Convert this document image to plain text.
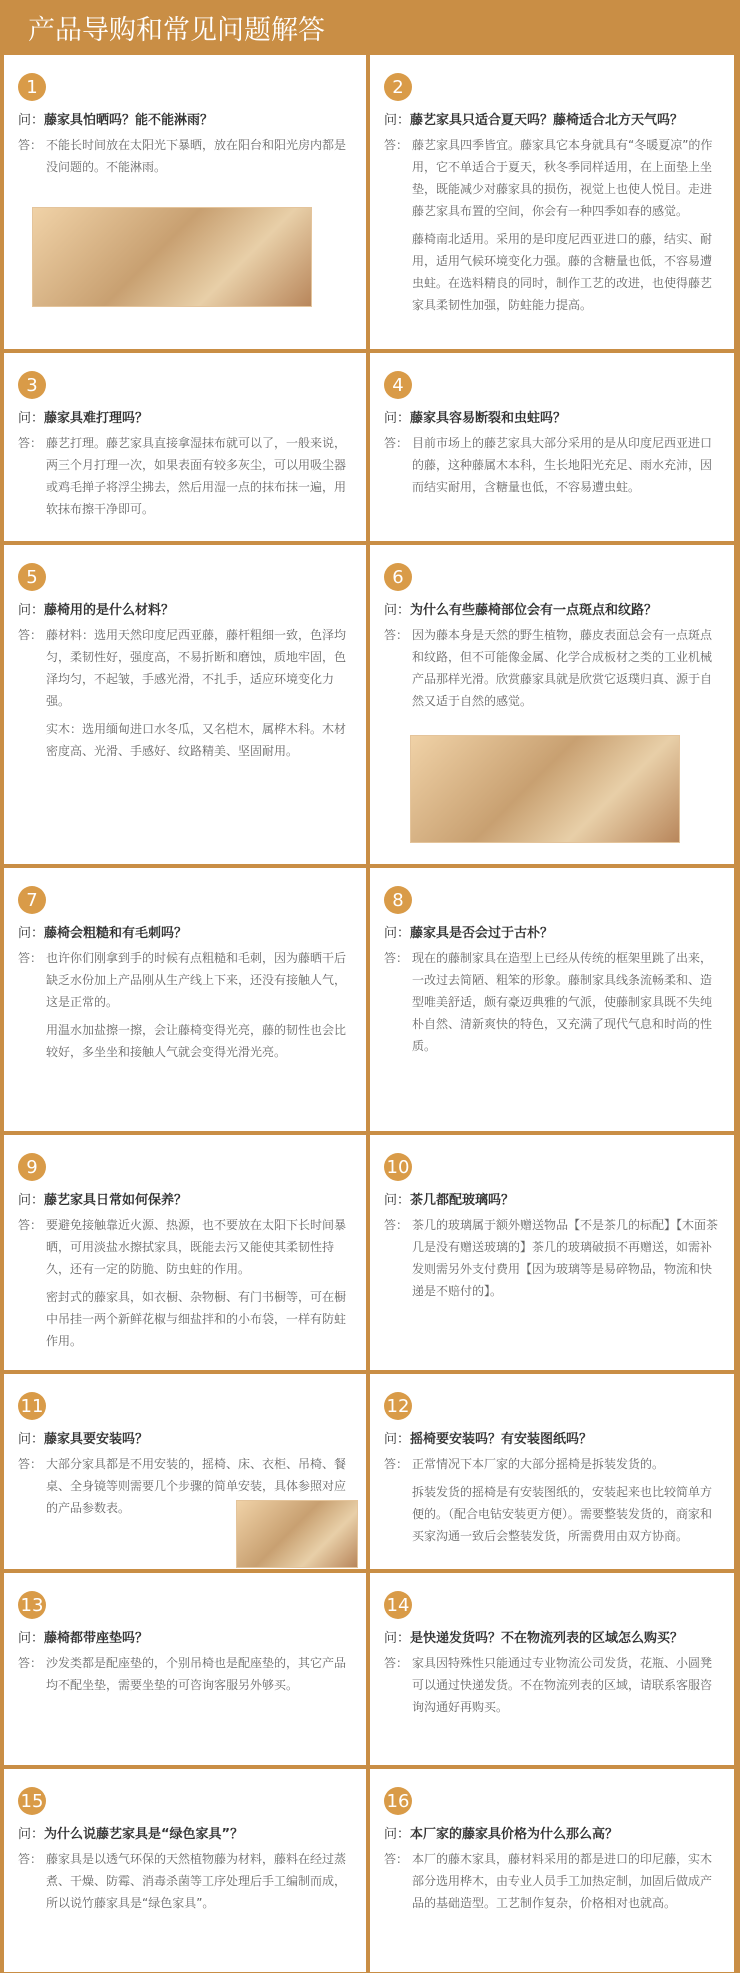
产品导购和常见问题解答
1
问：藤家具怕晒吗？能不能淋雨？
答： 不能长时间放在太阳光下暴晒，放在阳台和阳光房内都是没问题的。不能淋雨。
2
问：藤艺家具只适合夏天吗？藤椅适合北方天气吗？
答： 藤艺家具四季皆宜。藤家具它本身就具有“冬暖夏凉”的作用，它不单适合于夏天，秋冬季同样适用，在上面垫上坐垫，既能减少对藤家具的损伤，视觉上也使人悦目。走进藤艺家具布置的空间，你会有一种四季如春的感觉。
藤椅南北适用。采用的是印度尼西亚进口的藤，结实、耐用，适用气候环境变化力强。藤的含糖量也低，不容易遭虫蛀。在选料精良的同时，制作工艺的改进，也使得藤艺家具柔韧性加强，防蛀能力提高。
3
问：藤家具难打理吗？
答： 藤艺打理。藤艺家具直接拿湿抹布就可以了，一般来说，两三个月打理一次，如果表面有较多灰尘，可以用吸尘器或鸡毛掸子将浮尘拂去，然后用湿一点的抹布抹一遍，用软抹布擦干净即可。
4
问：藤家具容易断裂和虫蛀吗？
答： 目前市场上的藤艺家具大部分采用的是从印度尼西亚进口的藤，这种藤属木本科，生长地阳光充足、雨水充沛，因而结实耐用，含糖量也低，不容易遭虫蛀。
5
问：藤椅用的是什么材料？
答： 藤材料：选用天然印度尼西亚藤，藤杆粗细一致，色泽均匀，柔韧性好，强度高，不易折断和磨蚀，质地牢固，色泽均匀，不起皱，手感光滑，不扎手，适应环境变化力强。
实木：选用缅甸进口水冬瓜，又名桤木，属桦木科。木材密度高、光滑、手感好、纹路精美、坚固耐用。
6
问：为什么有些藤椅部位会有一点斑点和纹路？
答： 因为藤本身是天然的野生植物，藤皮表面总会有一点斑点和纹路，但不可能像金属、化学合成板材之类的工业机械产品那样光滑。欣赏藤家具就是欣赏它返璞归真、源于自然又适于自然的感觉。
7
问：藤椅会粗糙和有毛刺吗？
答： 也许你们刚拿到手的时候有点粗糙和毛刺，因为藤晒干后缺乏水份加上产品刚从生产线上下来，还没有接触人气，这是正常的。
用温水加盐擦一擦，会让藤椅变得光亮，藤的韧性也会比较好，多坐坐和接触人气就会变得光滑光亮。
8
问：藤家具是否会过于古朴？
答： 现在的藤制家具在造型上已经从传统的框架里跳了出来，一改过去简陋、粗笨的形象。藤制家具线条流畅柔和、造型唯美舒适，颇有豪迈典雅的气派，使藤制家具既不失纯朴自然、清新爽快的特色，又充满了现代气息和时尚的性质。
9
问：藤艺家具日常如何保养？
答： 要避免接触靠近火源、热源，也不要放在太阳下长时间暴晒，可用淡盐水擦拭家具，既能去污又能使其柔韧性持久，还有一定的防脆、防虫蛀的作用。
密封式的藤家具，如衣橱、杂物橱、有门书橱等，可在橱中吊挂一两个新鲜花椒与细盐拌和的小布袋，一样有防蛀作用。
10
问：茶几都配玻璃吗？
答： 茶几的玻璃属于额外赠送物品【不是茶几的标配】【木面茶几是没有赠送玻璃的】茶几的玻璃破损不再赠送，如需补发则需另外支付费用【因为玻璃等是易碎物品，物流和快递是不赔付的】。
11
问：藤家具要安装吗？
答： 大部分家具都是不用安装的，摇椅、床、衣柜、吊椅、餐桌、全身镜等则需要几个步骤的简单安装，具体参照对应的产品参数表。
12
问：摇椅要安装吗？有安装图纸吗？
答： 正常情况下本厂家的大部分摇椅是拆装发货的。
拆装发货的摇椅是有安装图纸的，安装起来也比较简单方便的。（配合电钻安装更方便）。需要整装发货的，商家和买家沟通一致后会整装发货，所需费用由双方协商。
13
问：藤椅都带座垫吗？
答： 沙发类都是配座垫的，个别吊椅也是配座垫的，其它产品均不配坐垫，需要坐垫的可咨询客服另外够买。
14
问：是快递发货吗？不在物流列表的区域怎么购买？
答： 家具因特殊性只能通过专业物流公司发货，花瓶、小圆凳可以通过快递发货。不在物流列表的区域，请联系客服咨询沟通好再购买。
15
问：为什么说藤艺家具是“绿色家具”？
答： 藤家具是以透气环保的天然植物藤为材料，藤料在经过蒸煮、干燥、防霉、消毒杀菌等工序处理后手工编制而成，所以说竹藤家具是“绿色家具”。
16
问：本厂家的藤家具价格为什么那么高？
答： 本厂的藤木家具，藤材料采用的都是进口的印尼藤，实木部分选用桦木，由专业人员手工加热定制，加固后做成产品的基础造型。工艺制作复杂，价格相对也就高。
